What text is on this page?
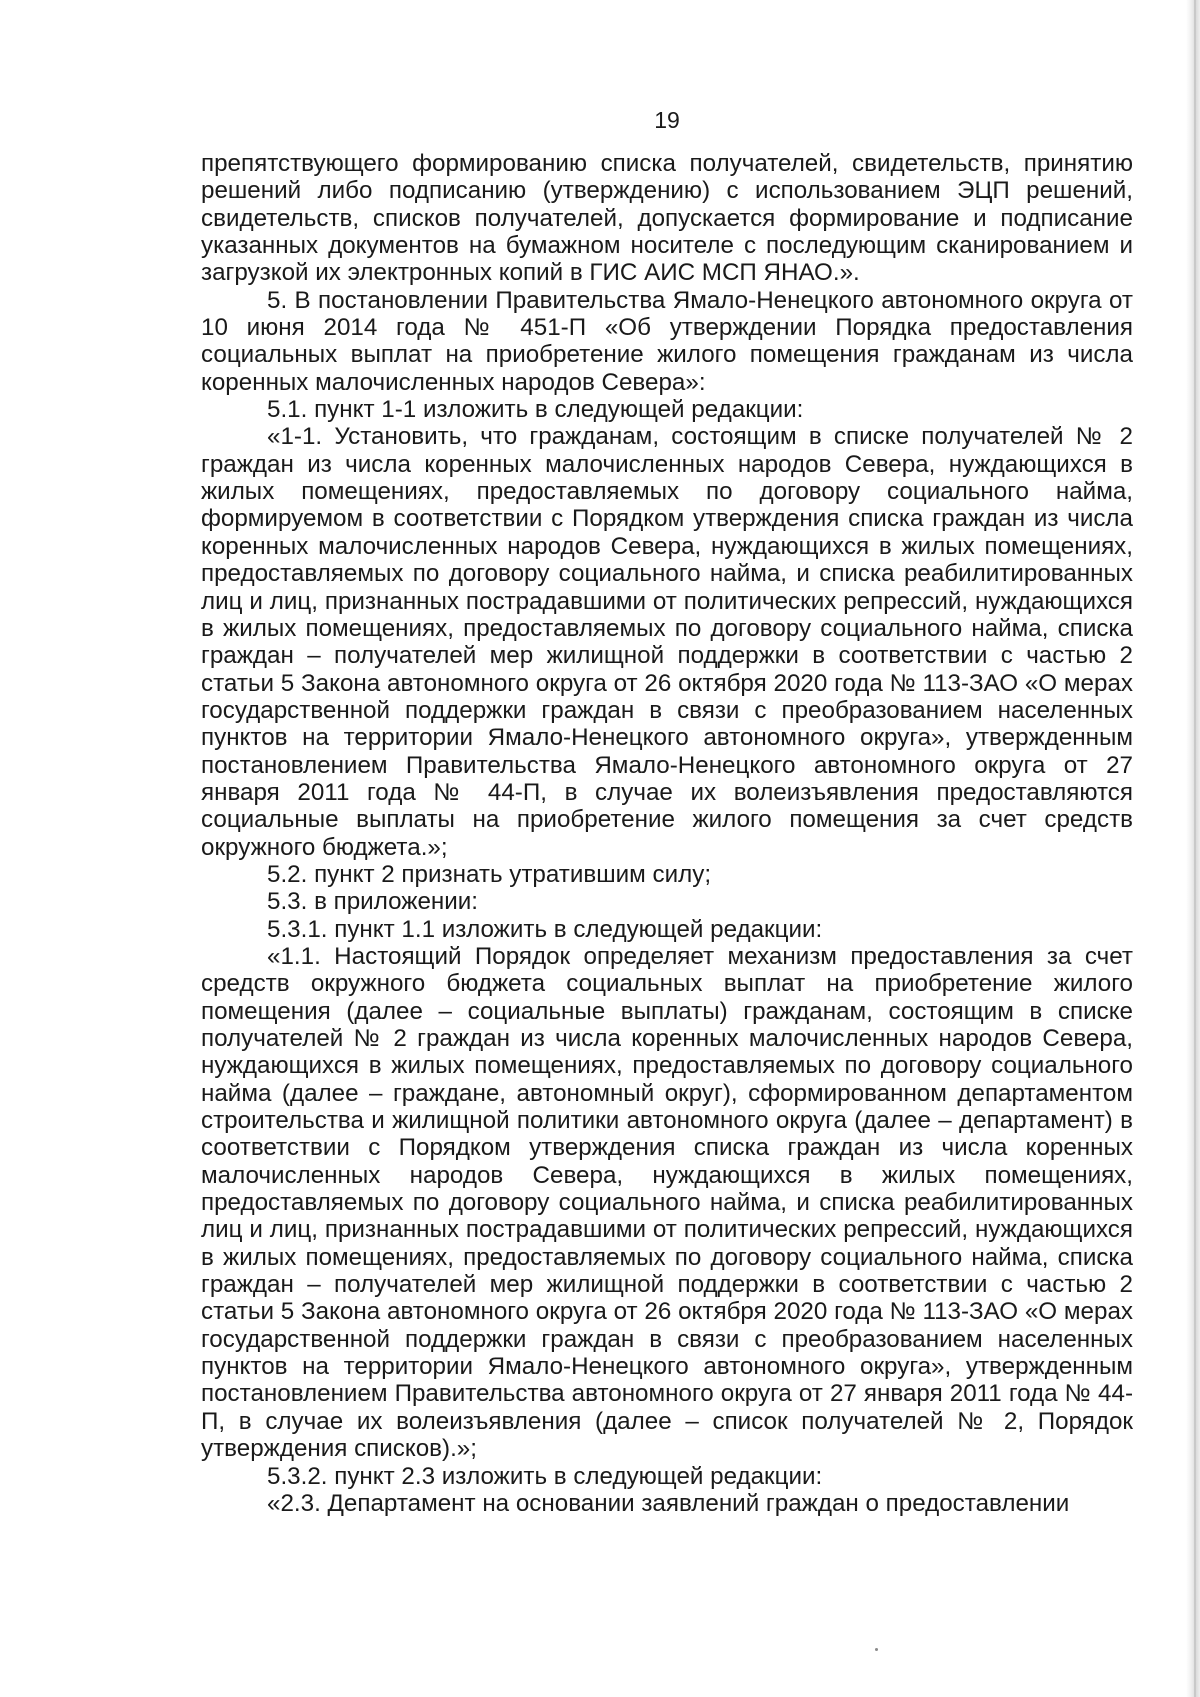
19

препятствующего формированию списка получателей, свидетельств, принятию решений либо подписанию (утверждению) с использованием ЭЦП решений, свидетельств, списков получателей, допускается формирование и подписание указанных документов на бумажном носителе с последующим сканированием и загрузкой их электронных копий в ГИС АИС МСП ЯНАО.».

5. В постановлении Правительства Ямало-Ненецкого автономного округа от 10 июня 2014 года № 451-П «Об утверждении Порядка предоставления социальных выплат на приобретение жилого помещения гражданам из числа коренных малочисленных народов Севера»:

5.1. пункт 1-1 изложить в следующей редакции:

«1-1. Установить, что гражданам, состоящим в списке получателей № 2 граждан из числа коренных малочисленных народов Севера, нуждающихся в жилых помещениях, предоставляемых по договору социального найма, формируемом в соответствии с Порядком утверждения списка граждан из числа коренных малочисленных народов Севера, нуждающихся в жилых помещениях, предоставляемых по договору социального найма, и списка реабилитированных лиц и лиц, признанных пострадавшими от политических репрессий, нуждающихся в жилых помещениях, предоставляемых по договору социального найма, списка граждан – получателей мер жилищной поддержки в соответствии с частью 2 статьи 5 Закона автономного округа от 26 октября 2020 года № 113-ЗАО «О мерах государственной поддержки граждан в связи с преобразованием населенных пунктов на территории Ямало-Ненецкого автономного округа», утвержденным постановлением Правительства Ямало-Ненецкого автономного округа от 27 января 2011 года № 44-П, в случае их волеизъявления предоставляются социальные выплаты на приобретение жилого помещения за счет средств окружного бюджета.»;

5.2. пункт 2 признать утратившим силу;

5.3. в приложении:

5.3.1. пункт 1.1 изложить в следующей редакции:

«1.1. Настоящий Порядок определяет механизм предоставления за счет средств окружного бюджета социальных выплат на приобретение жилого помещения (далее – социальные выплаты) гражданам, состоящим в списке получателей № 2 граждан из числа коренных малочисленных народов Севера, нуждающихся в жилых помещениях, предоставляемых по договору социального найма (далее – граждане, автономный округ), сформированном департаментом строительства и жилищной политики автономного округа (далее – департамент) в соответствии с Порядком утверждения списка граждан из числа коренных малочисленных народов Севера, нуждающихся в жилых помещениях, предоставляемых по договору социального найма, и списка реабилитированных лиц и лиц, признанных пострадавшими от политических репрессий, нуждающихся в жилых помещениях, предоставляемых по договору социального найма, списка граждан – получателей мер жилищной поддержки в соответствии с частью 2 статьи 5 Закона автономного округа от 26 октября 2020 года № 113-ЗАО «О мерах государственной поддержки граждан в связи с преобразованием населенных пунктов на территории Ямало-Ненецкого автономного округа», утвержденным постановлением Правительства автономного округа от 27 января 2011 года № 44-П, в случае их волеизъявления (далее – список получателей № 2, Порядок утверждения списков).»;

5.3.2. пункт 2.3 изложить в следующей редакции:

«2.3. Департамент на основании заявлений граждан о предоставлении
